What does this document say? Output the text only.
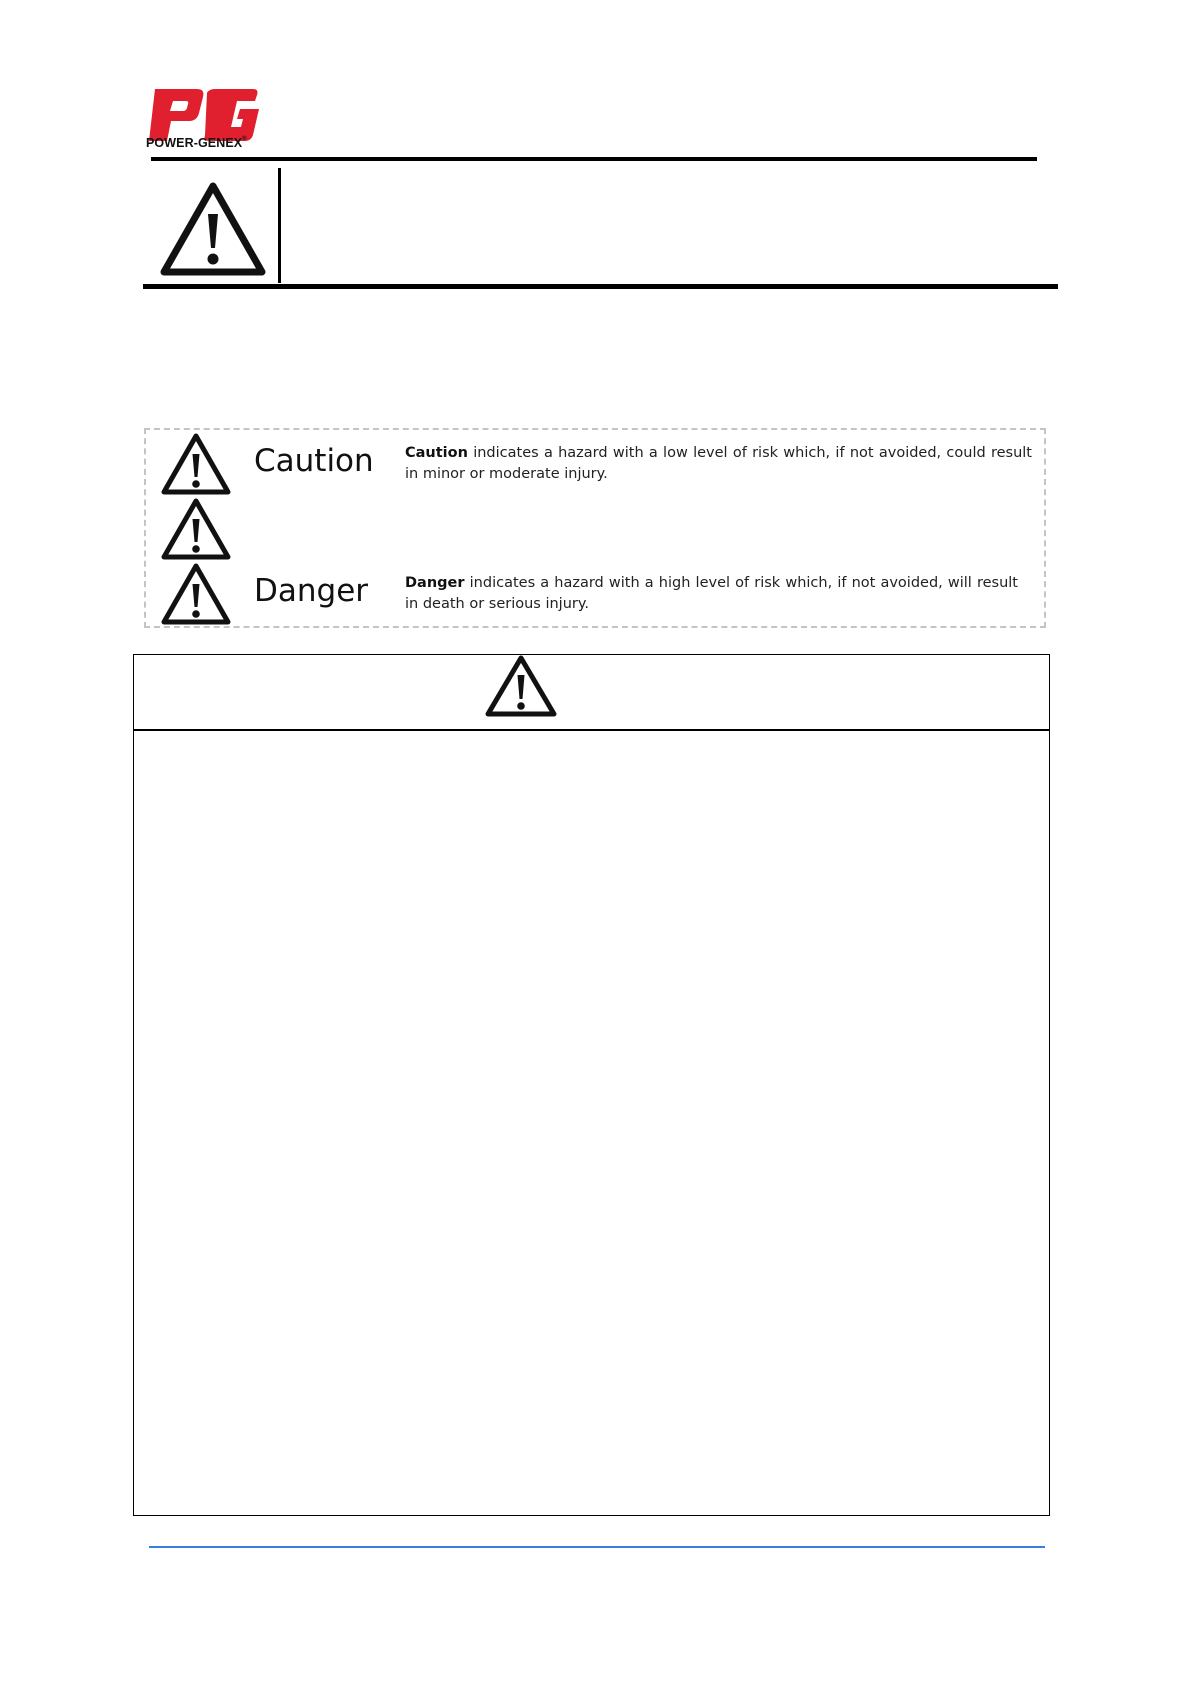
POWER-GENEX®
Caution Caution indicates a hazard with a low level of risk which, if not avoided, could result in minor or moderate injury.
Danger	Danger indicates a hazard with a high level of risk which, if not avoided, will result in death or serious injury.
